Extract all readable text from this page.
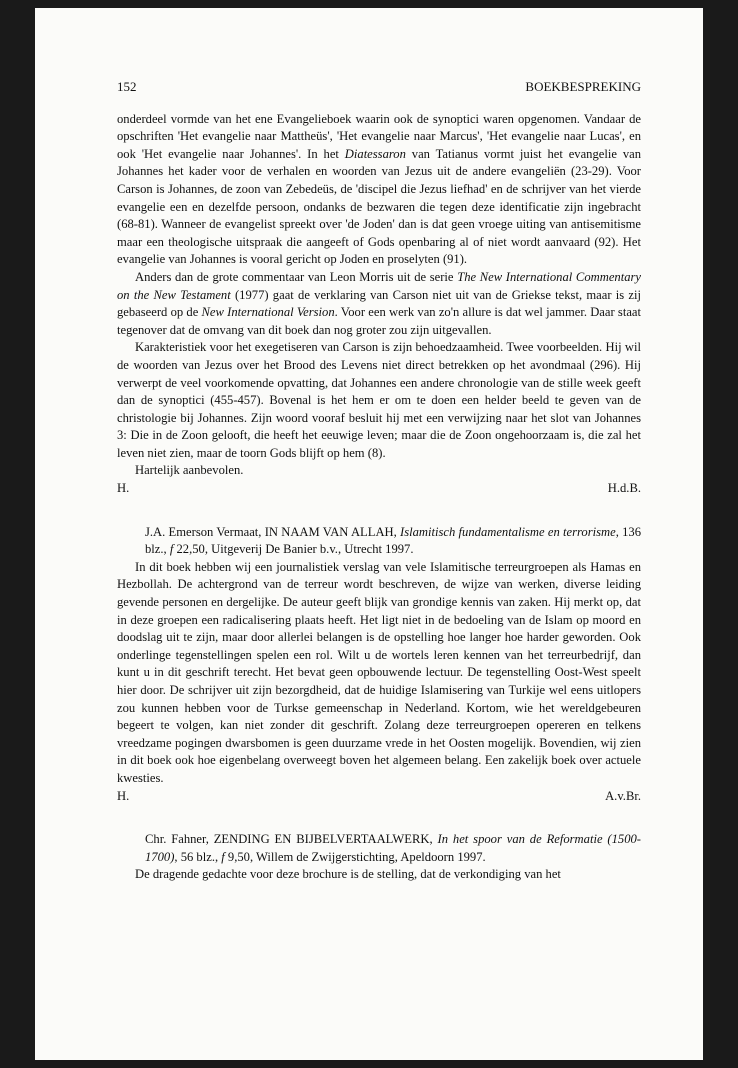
152	BOEKBESPREKING

onderdeel vormde van het ene Evangelieboek waarin ook de synoptici waren opgenomen. Vandaar de opschriften 'Het evangelie naar Mattheüs', 'Het evangelie naar Marcus', 'Het evangelie naar Lucas', en ook 'Het evangelie naar Johannes'. In het Diatessaron van Tatianus vormt juist het evangelie van Johannes het kader voor de verhalen en woorden van Jezus uit de andere evangeliën (23-29). Voor Carson is Johannes, de zoon van Zebedeüs, de 'discipel die Jezus liefhad' en de schrijver van het vierde evangelie een en dezelfde persoon, ondanks de bezwaren die tegen deze identificatie zijn ingebracht (68-81). Wanneer de evangelist spreekt over 'de Joden' dan is dat geen vroege uiting van antisemitisme maar een theologische uitspraak die aangeeft of Gods openbaring al of niet wordt aanvaard (92). Het evangelie van Johannes is vooral gericht op Joden en proselyten (91).

Anders dan de grote commentaar van Leon Morris uit de serie The New International Commentary on the New Testament (1977) gaat de verklaring van Carson niet uit van de Griekse tekst, maar is zij gebaseerd op de New International Version. Voor een werk van zo'n allure is dat wel jammer. Daar staat tegenover dat de omvang van dit boek dan nog groter zou zijn uitgevallen.

Karakteristiek voor het exegetiseren van Carson is zijn behoedzaamheid. Twee voorbeelden. Hij wil de woorden van Jezus over het Brood des Levens niet direct betrekken op het avondmaal (296). Hij verwerpt de veel voorkomende opvatting, dat Johannes een andere chronologie van de stille week geeft dan de synoptici (455-457). Bovenal is het hem er om te doen een helder beeld te geven van de christologie bij Johannes. Zijn woord vooraf besluit hij met een verwijzing naar het slot van Johannes 3: Die in de Zoon gelooft, die heeft het eeuwige leven; maar die de Zoon ongehoorzaam is, die zal het leven niet zien, maar de toorn Gods blijft op hem (8).

Hartelijk aanbevolen.

H.	H.d.B.

J.A. Emerson Vermaat, IN NAAM VAN ALLAH, Islamitisch fundamentalisme en terrorisme, 136 blz., f 22,50, Uitgeverij De Banier b.v., Utrecht 1997.

In dit boek hebben wij een journalistiek verslag van vele Islamitische terreurgroepen als Hamas en Hezbollah. De achtergrond van de terreur wordt beschreven, de wijze van werken, diverse leiding gevende personen en dergelijke. De auteur geeft blijk van grondige kennis van zaken. Hij merkt op, dat in deze groepen een radicalisering plaats heeft. Het ligt niet in de bedoeling van de Islam op moord en doodslag uit te zijn, maar door allerlei belangen is de opstelling hoe langer hoe harder geworden. Ook onderlinge tegenstellingen spelen een rol. Wilt u de wortels leren kennen van het terreurbedrijf, dan kunt u in dit geschrift terecht. Het bevat geen opbouwende lectuur. De tegenstelling Oost-West speelt hier door. De schrijver uit zijn bezorgdheid, dat de huidige Islamisering van Turkije wel eens uitlopers zou kunnen hebben voor de Turkse gemeenschap in Nederland. Kortom, wie het wereldgebeuren begeert te volgen, kan niet zonder dit geschrift. Zolang deze terreurgroepen opereren en telkens vreedzame pogingen dwarsbomen is geen duurzame vrede in het Oosten mogelijk. Bovendien, wij zien in dit boek ook hoe eigenbelang overweegt boven het algemeen belang. Een zakelijk boek over actuele kwesties.

H.	A.v.Br.

Chr. Fahner, ZENDING EN BIJBELVERTAALWERK, In het spoor van de Reformatie (1500-1700), 56 blz., f 9,50, Willem de Zwijgerstichting, Apeldoorn 1997.

De dragende gedachte voor deze brochure is de stelling, dat de verkondiging van het
